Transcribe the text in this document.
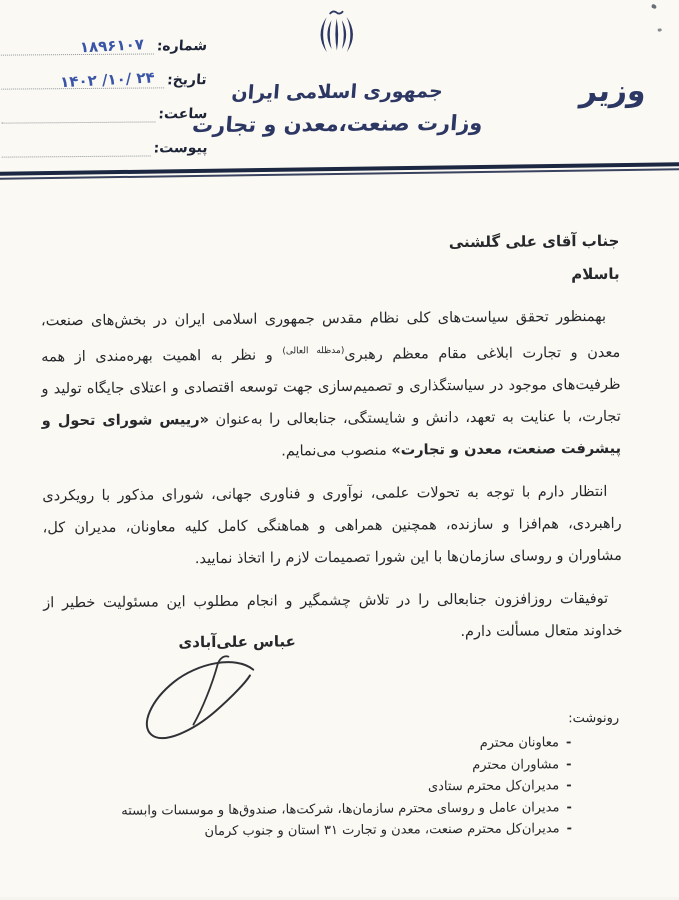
شماره:
۱۸۹۶۱۰۷
تاریخ:
۱۴۰۲ /۱۰/ ۲۴
ساعت:
پیوست:
جمهوری اسلامی ایران
وزارت صنعت،معدن و تجارت
وزیر
جناب آقای علی گلشنی
باسلام

بهمنظور تحقق سیاست‌های کلی نظام مقدس جمهوری اسلامی ایران در بخش‌های صنعت، معدن و تجارت ابلاغی مقام معظم رهبری$^{(مدظله العالی)}$ و نظر به اهمیت بهره‌مندی از همه ظرفیت‌های موجود در سیاستگذاری و تصمیم‌سازی جهت توسعه اقتصادی و اعتلای جایگاه تولید و تجارت، با عنایت به تعهد، دانش و شایستگی، جنابعالی را به‌عنوان «رییس شورای تحول و پیشرفت صنعت، معدن و تجارت» منصوب می‌نمایم.

انتظار دارم با توجه به تحولات علمی، نوآوری و فناوری جهانی، شورای مذکور با رویکردی راهبردی، هم‌افزا و سازنده، همچنین همراهی و هماهنگی کامل کلیه معاونان، مدیران کل، مشاوران و روسای سازمان‌ها با این شورا تصمیمات لازم را اتخاذ نمایید.

توفیقات روزافزون جنابعالی را در تلاش چشمگیر و انجام مطلوب این مسئولیت خطیر از خداوند متعال مسألت دارم.

عباس علی‌آبادی
رونوشت:
-
معاونان محترم
-
مشاوران محترم
-
مدیران‌کل محترم ستادی
-
مدیران عامل و روسای محترم سازمان‌ها، شرکت‌ها، صندوق‌ها و موسسات وابسته
-
مدیران‌کل محترم صنعت، معدن و تجارت ۳۱ استان و جنوب کرمان
